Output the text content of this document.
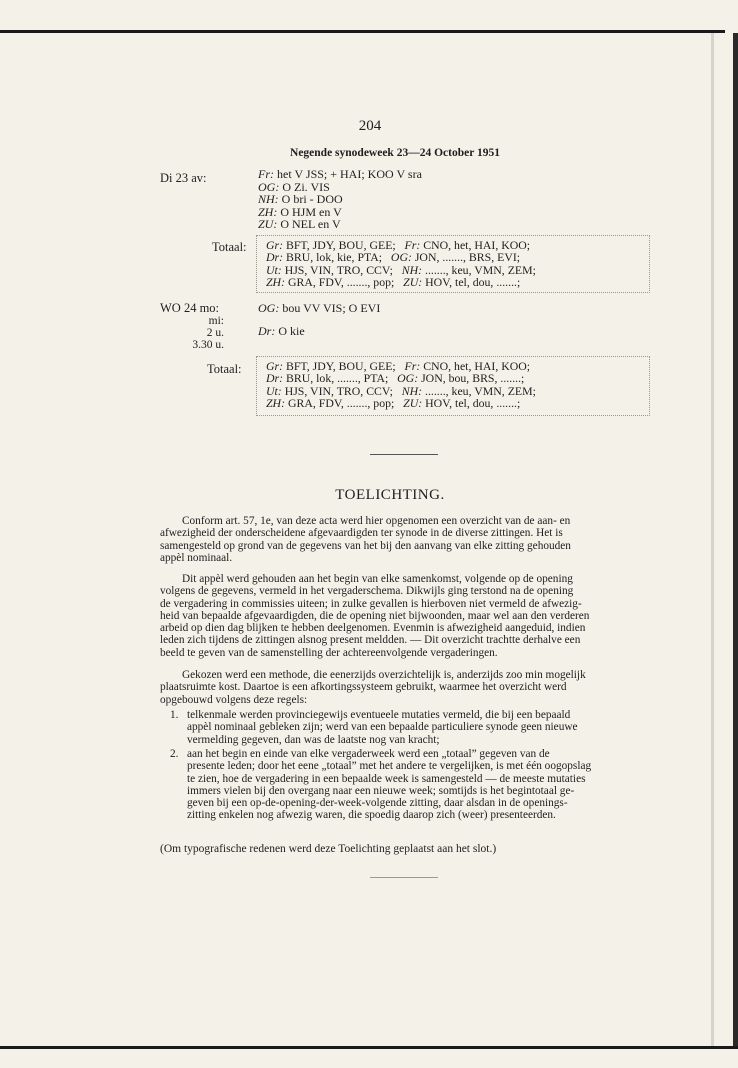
204
Negende synodeweek 23—24 October 1951
Di 23 av:	Fr: het V JSS; + HAI; KOO V sra
OG: O Zi. VIS
NH: O bri - DOO
ZH: O HJM en V
ZU: O NEL en V
Totaal: Gr: BFT, JDY, BOU, GEE; Fr: CNO, het, HAI, KOO;
Dr: BRU, lok, kie, PTA; OG: JON, ......., BRS, EVI;
Ut: HJS, VIN, TRO, CCV; NH: ......., keu, VMN, ZEM;
ZH: GRA, FDV, ......., pop; ZU: HOV, tel, dou, .......;
WO 24 mo:
mi:
2 u.
3.30 u.
OG: bou VV VIS; O EVI
Dr: O kie
Totaal: Gr: BFT, JDY, BOU, GEE; Fr: CNO, het, HAI, KOO;
Dr: BRU, lok, ......., PTA; OG: JON, bou, BRS, .......;
Ut: HJS, VIN, TRO, CCV; NH: ......., keu, VMN, ZEM;
ZH: GRA, FDV, ......., pop; ZU: HOV, tel, dou, .......;
TOELICHTING.
Conform art. 57, 1e, van deze acta werd hier opgenomen een overzicht van de aan- en
afwezigheid der onderscheidene afgevaardigden ter synode in de diverse zittingen. Het is
samengesteld op grond van de gegevens van het bij den aanvang van elke zitting gehouden
appèl nominaal.
Dit appèl werd gehouden aan het begin van elke samenkomst, volgende op de opening
volgens de gegevens, vermeld in het vergaderschema. Dikwijls ging terstond na de opening
de vergadering in commissies uiteen; in zulke gevallen is hierboven niet vermeld de afwezig-
heid van bepaalde afgevaardigden, die de opening niet bijwoonden, maar wel aan den verderen
arbeid op dien dag blijken te hebben deelgenomen. Evenmin is afwezigheid aangeduid, indien
leden zich tijdens de zittingen alsnog present meldden. — Dit overzicht trachtte derhalve een
beeld te geven van de samenstelling der achtereenvolgende vergaderingen.
Gekozen werd een methode, die eenerzijds overzichtelijk is, anderzijds zoo min mogelijk
plaatsruimte kost. Daartoe is een afkortingssysteem gebruikt, waarmee het overzicht werd
opgebouwd volgens deze regels:
1. telkenmale werden provinciegewijs eventueele mutaties vermeld, die bij een bepaald
appèl nominaal gebleken zijn; werd van een bepaalde particuliere synode geen nieuwe
vermelding gegeven, dan was de laatste nog van kracht;
2. aan het begin en einde van elke vergaderweek werd een „totaal” gegeven van de
presente leden; door het eene „totaal” met het andere te vergelijken, is met één oogopslag
te zien, hoe de vergadering in een bepaalde week is samengesteld — de meeste mutaties
immers vielen bij den overgang naar een nieuwe week; somtijds is het begintotaal ge-
geven bij een op-de-opening-der-week-volgende zitting, daar alsdan in de openings-
zitting enkelen nog afwezig waren, die spoedig daarop zich (weer) presenteerden.
(Om typografische redenen werd deze Toelichting geplaatst aan het slot.)
